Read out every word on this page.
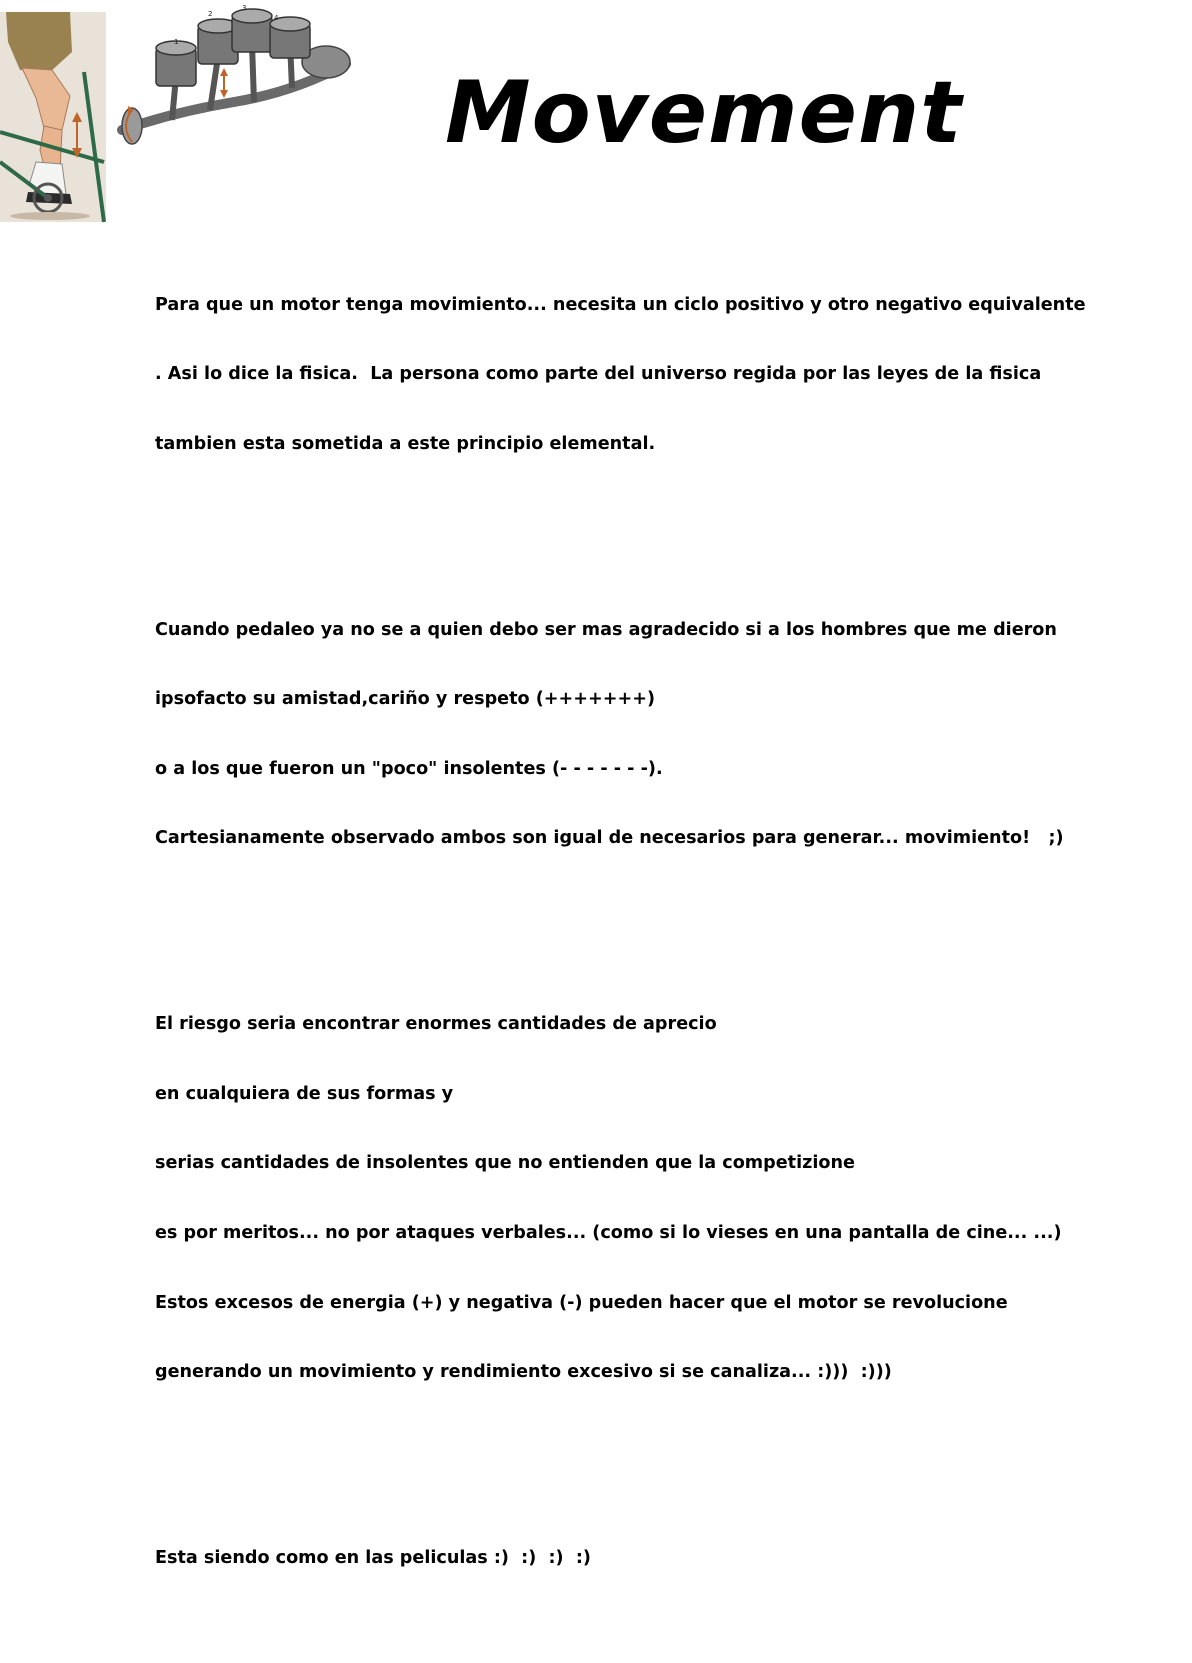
1
2
3
4
Movement

Para que un motor tenga movimiento... necesita un ciclo positivo y otro negativo equivalente

. Asi lo dice la fisica.  La persona como parte del universo regida por las leyes de la fisica

tambien esta sometida a este principio elemental.

Cuando pedaleo ya no se a quien debo ser mas agradecido si a los hombres que me dieron

ipsofacto su amistad,cariño y respeto (+++++++)

o a los que fueron un "poco" insolentes (- - - - - - -).

Cartesianamente observado ambos son igual de necesarios para generar... movimiento!   ;)

El riesgo seria encontrar enormes cantidades de aprecio

en cualquiera de sus formas y

serias cantidades de insolentes que no entienden que la competizione

es por meritos... no por ataques verbales... (como si lo vieses en una pantalla de cine... ...)

Estos excesos de energia (+) y negativa (-) pueden hacer que el motor se revolucione

generando un movimiento y rendimiento excesivo si se canaliza... :)))  :)))

Esta siendo como en las peliculas :)  :)  :)  :)
